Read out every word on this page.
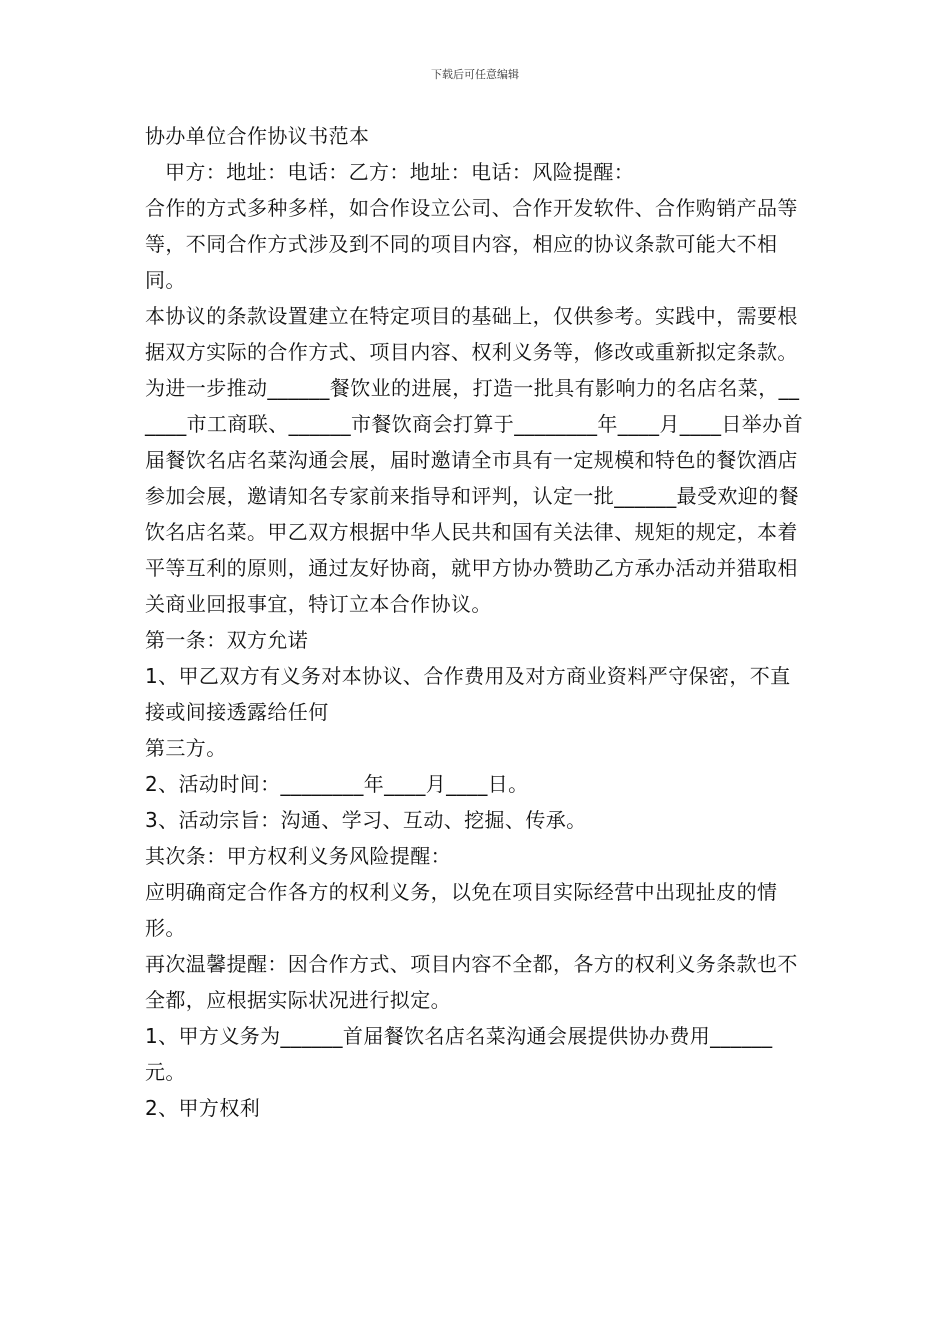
下载后可任意编辑

协办单位合作协议书范本

甲方：地址：电话：乙方：地址：电话：风险提醒：

合作的方式多种多样，如合作设立公司、合作开发软件、合作购销产品等等，不同合作方式涉及到不同的项目内容，相应的协议条款可能大不相同。

本协议的条款设置建立在特定项目的基础上，仅供参考。实践中，需要根据双方实际的合作方式、项目内容、权利义务等，修改或重新拟定条款。 为进一步推动______餐饮业的进展，打造一批具有影响力的名店名菜，______市工商联、______市餐饮商会打算于________年____月____日举办首届餐饮名店名菜沟通会展，届时邀请全市具有一定规模和特色的餐饮酒店参加会展，邀请知名专家前来指导和评判，认定一批______最受欢迎的餐饮名店名菜。甲乙双方根据中华人民共和国有关法律、规矩的规定，本着平等互利的原则，通过友好协商，就甲方协办赞助乙方承办活动并猎取相关商业回报事宜，特订立本合作协议。

第一条：双方允诺

1、甲乙双方有义务对本协议、合作费用及对方商业资料严守保密，不直接或间接透露给任何

第三方。

2、活动时间：________年____月____日。

3、活动宗旨：沟通、学习、互动、挖掘、传承。

其次条：甲方权利义务风险提醒：

应明确商定合作各方的权利义务，以免在项目实际经营中出现扯皮的情形。

再次温馨提醒：因合作方式、项目内容不全都，各方的权利义务条款也不全都，应根据实际状况进行拟定。

1、甲方义务为______首届餐饮名店名菜沟通会展提供协办费用______元。

2、甲方权利
